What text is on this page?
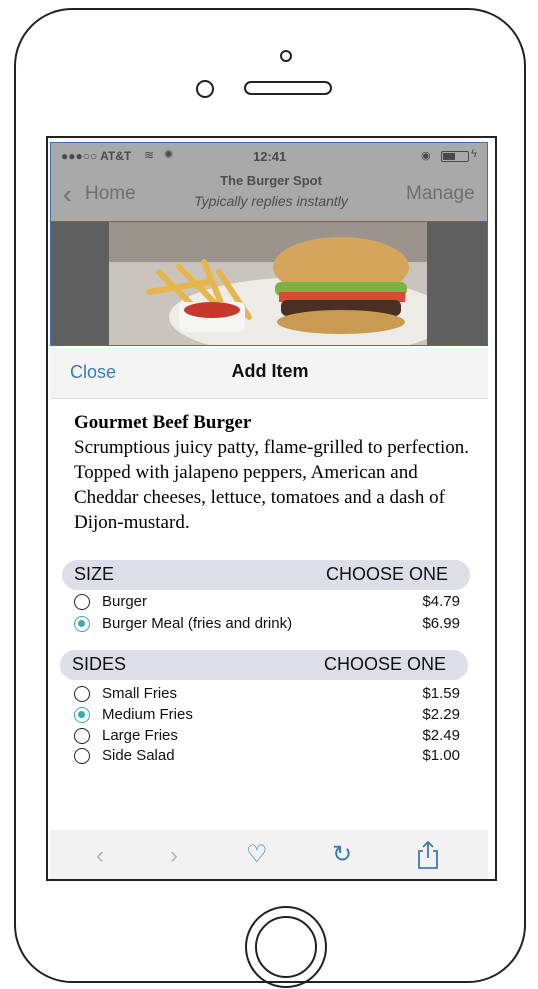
●●●○○ AT&T ≋ ✺	12:41	◉	ϟ
‹ Home
The Burger Spot
Typically replies instantly	Manage
Close	Add Item
Gourmet Beef Burger
Scrumptious juicy patty, flame-grilled to perfection. Topped with jalapeno peppers, American and Cheddar cheeses, lettuce, tomatoes and a dash of Dijon-mustard.
SIZE	CHOOSE ONE
Burger	$4.79
Burger Meal (fries and drink)	$6.99
SIDES	CHOOSE ONE
Small Fries	$1.59
Medium Fries	$2.29
Large Fries	$2.49
Side Salad	$1.00
‹	›	♡	↻
